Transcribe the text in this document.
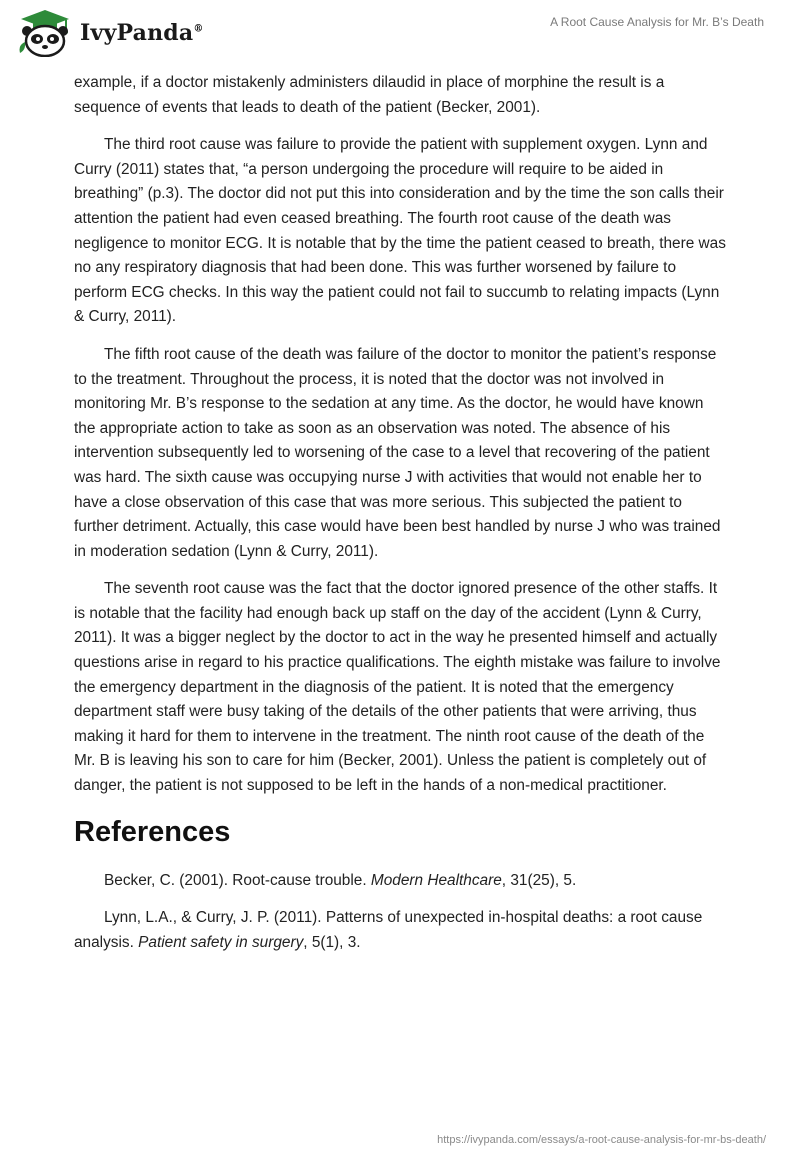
IvyPanda®
A Root Cause Analysis for Mr. B’s Death

example, if a doctor mistakenly administers dilaudid in place of morphine the result is a sequence of events that leads to death of the patient (Becker, 2001).

The third root cause was failure to provide the patient with supplement oxygen. Lynn and Curry (2011) states that, “a person undergoing the procedure will require to be aided in breathing” (p.3). The doctor did not put this into consideration and by the time the son calls their attention the patient had even ceased breathing. The fourth root cause of the death was negligence to monitor ECG. It is notable that by the time the patient ceased to breath, there was no any respiratory diagnosis that had been done. This was further worsened by failure to perform ECG checks. In this way the patient could not fail to succumb to relating impacts (Lynn & Curry, 2011).

The fifth root cause of the death was failure of the doctor to monitor the patient’s response to the treatment. Throughout the process, it is noted that the doctor was not involved in monitoring Mr. B’s response to the sedation at any time. As the doctor, he would have known the appropriate action to take as soon as an observation was noted. The absence of his intervention subsequently led to worsening of the case to a level that recovering of the patient was hard. The sixth cause was occupying nurse J with activities that would not enable her to have a close observation of this case that was more serious. This subjected the patient to further detriment. Actually, this case would have been best handled by nurse J who was trained in moderation sedation (Lynn & Curry, 2011).

The seventh root cause was the fact that the doctor ignored presence of the other staffs. It is notable that the facility had enough back up staff on the day of the accident (Lynn & Curry, 2011). It was a bigger neglect by the doctor to act in the way he presented himself and actually questions arise in regard to his practice qualifications. The eighth mistake was failure to involve the emergency department in the diagnosis of the patient. It is noted that the emergency department staff were busy taking of the details of the other patients that were arriving, thus making it hard for them to intervene in the treatment. The ninth root cause of the death of the Mr. B is leaving his son to care for him (Becker, 2001). Unless the patient is completely out of danger, the patient is not supposed to be left in the hands of a non-medical practitioner.

References

Becker, C. (2001). Root-cause trouble. Modern Healthcare, 31(25), 5.

Lynn, L.A., & Curry, J. P. (2011). Patterns of unexpected in-hospital deaths: a root cause analysis. Patient safety in surgery, 5(1), 3.

https://ivypanda.com/essays/a-root-cause-analysis-for-mr-bs-death/
